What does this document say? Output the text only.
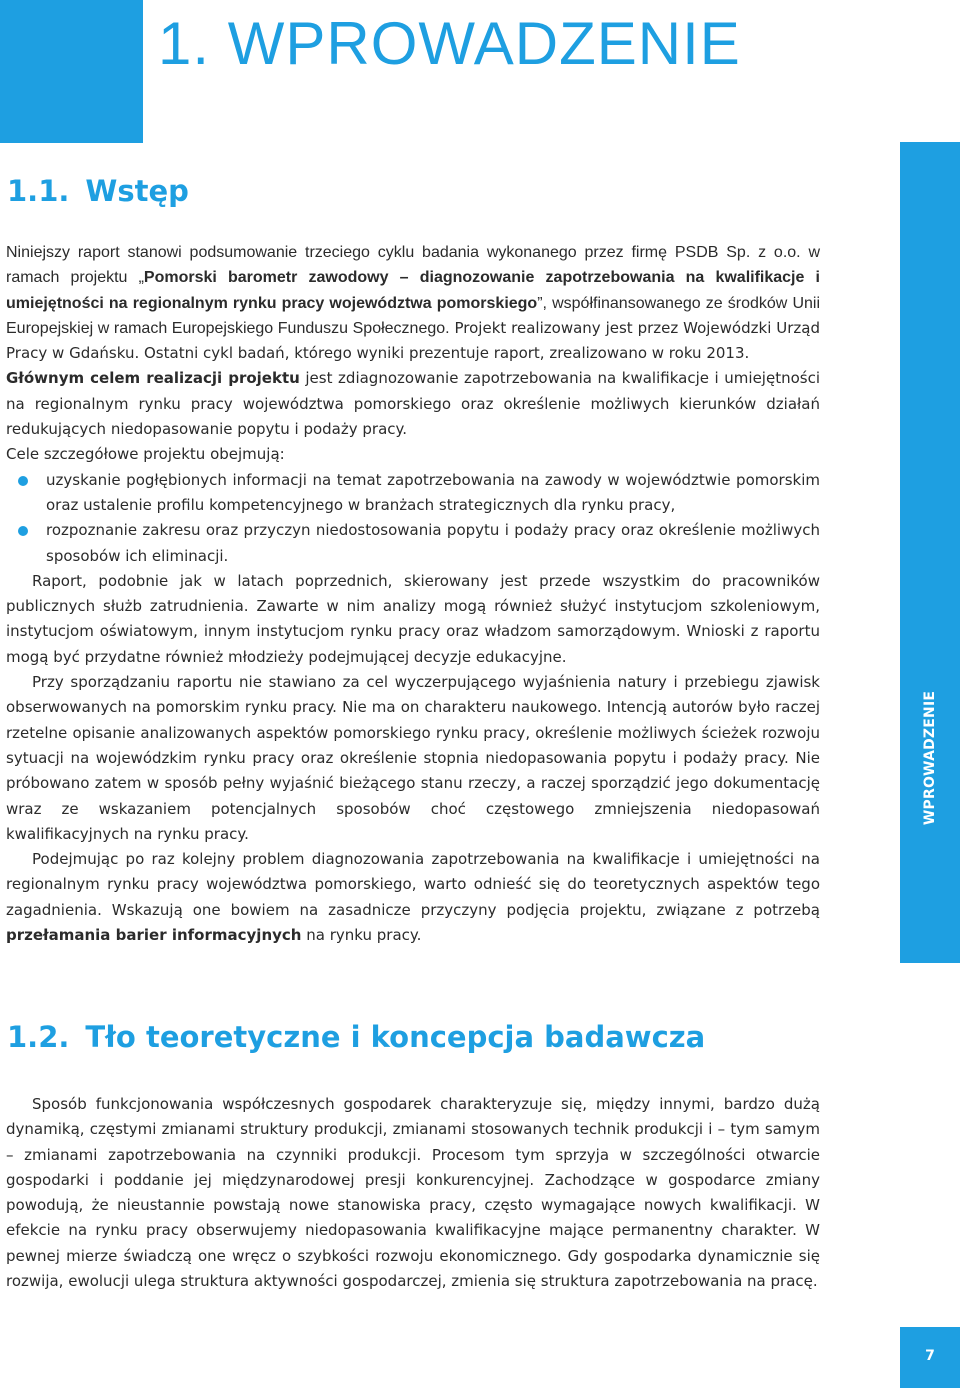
1. WPROWADZENIE
WPROWADZENIE
1.1. Wstęp

Niniejszy raport stanowi podsumowanie trzeciego cyklu badania wykonanego przez firmę PSDB Sp. z o.o. w ramach projektu „Pomorski barometr zawodowy – diagnozowanie zapotrzebowania na kwalifikacje i umiejętności na regionalnym rynku pracy województwa pomorskiego”, współfinansowanego ze środków Unii Europejskiej w ramach Europejskiego Funduszu Społecznego. Projekt realizowany jest przez Wojewódzki Urząd Pracy w Gdańsku. Ostatni cykl badań, którego wyniki prezentuje raport, zrealizowano w roku 2013.

Głównym celem realizacji projektu jest zdiagnozowanie zapotrzebowania na kwalifikacje i umiejętności na regionalnym rynku pracy województwa pomorskiego oraz określenie możliwych kierunków działań redukujących niedopasowanie popytu i podaży pracy.

Cele szczegółowe projektu obejmują:

uzyskanie pogłębionych informacji na temat zapotrzebowania na zawody w województwie pomorskim oraz ustalenie profilu kompetencyjnego w branżach strategicznych dla rynku pracy,
rozpoznanie zakresu oraz przyczyn niedostosowania popytu i podaży pracy oraz określenie możliwych sposobów ich eliminacji.

Raport, podobnie jak w latach poprzednich, skierowany jest przede wszystkim do pracowników publicznych służb zatrudnienia. Zawarte w nim analizy mogą również służyć instytucjom szkoleniowym, instytucjom oświatowym, innym instytucjom rynku pracy oraz władzom samorządowym. Wnioski z raportu mogą być przydatne również młodzieży podejmującej decyzje edukacyjne.

Przy sporządzaniu raportu nie stawiano za cel wyczerpującego wyjaśnienia natury i przebiegu zjawisk obserwowanych na pomorskim rynku pracy. Nie ma on charakteru naukowego. Intencją autorów było raczej rzetelne opisanie analizowanych aspektów pomorskiego rynku pracy, określenie możliwych ścieżek rozwoju sytuacji na wojewódzkim rynku pracy oraz określenie stopnia niedopasowania popytu i podaży pracy. Nie próbowano zatem w sposób pełny wyjaśnić bieżącego stanu rzeczy, a raczej sporządzić jego dokumentację wraz ze wskazaniem potencjalnych sposobów choć częstowego zmniejszenia niedopasowań kwalifikacyjnych na rynku pracy.

Podejmując po raz kolejny problem diagnozowania zapotrzebowania na kwalifikacje i umiejętności na regionalnym rynku pracy województwa pomorskiego, warto odnieść się do teoretycznych aspektów tego zagadnienia. Wskazują one bowiem na zasadnicze przyczyny podjęcia projektu, związane z potrzebą przełamania barier informacyjnych na rynku pracy.

1.2. Tło teoretyczne i koncepcja badawcza

Sposób funkcjonowania współczesnych gospodarek charakteryzuje się, między innymi, bardzo dużą dynamiką, częstymi zmianami struktury produkcji, zmianami stosowanych technik produkcji i – tym samym – zmianami zapotrzebowania na czynniki produkcji. Procesom tym sprzyja w szczególności otwarcie gospodarki i poddanie jej międzynarodowej presji konkurencyjnej. Zachodzące w gospodarce zmiany powodują, że nieustannie powstają nowe stanowiska pracy, często wymagające nowych kwalifikacji. W efekcie na rynku pracy obserwujemy niedopasowania kwalifikacyjne mające permanentny charakter. W pewnej mierze świadczą one wręcz o szybkości rozwoju ekonomicznego. Gdy gospodarka dynamicznie się rozwija, ewolucji ulega struktura aktywności gospodarczej, zmienia się struktura zapotrzebowania na pracę.

7
